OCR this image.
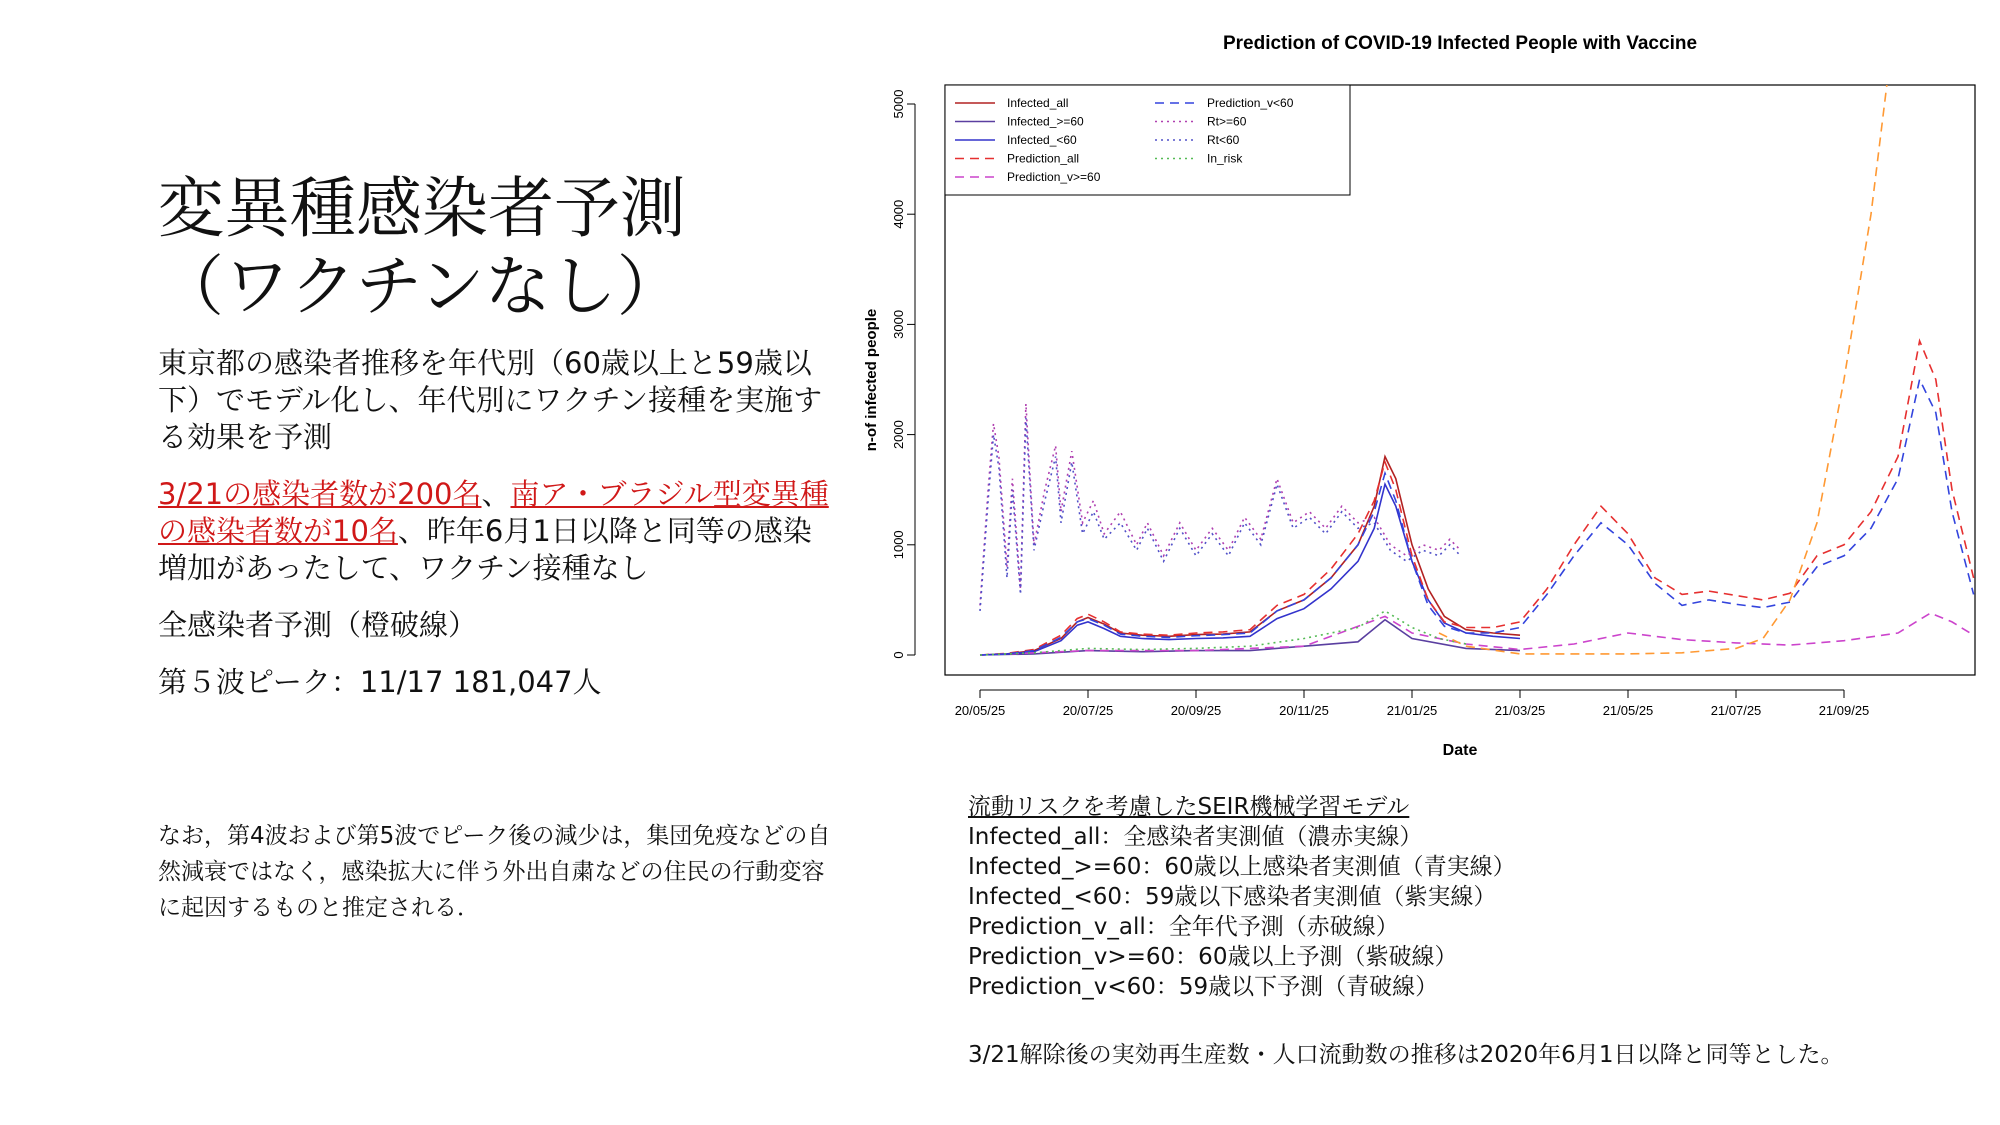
変異種感染者予測
（ワクチンなし）

東京都の感染者推移を年代別（60歳以上と59歳以下）でモデル化し、年代別にワクチン接種を実施する効果を予測

3/21の感染者数が200名、南ア・ブラジル型変異種の感染者数が10名、昨年6月1日以降と同等の感染増加があったして、ワクチン接種なし

全感染者予測（橙破線）

第５波ピーク：11/17 181,047人

なお，第4波および第5波でピーク後の減少は，集団免疫などの自然減衰ではなく，感染拡大に伴う外出自粛などの住民の行動変容に起因するものと推定される．
Prediction of COVID-19 Infected People with Vaccine
0
1000
2000
3000
4000
5000
20/05/25	20/07/25	20/09/25	20/11/25	21/01/25	21/03/25	21/05/25	21/07/25	21/09/25
Infected_all
Infected_>=60
Infected_<60
Prediction_all
Prediction_v>=60
Prediction_v<60
Rt>=60
Rt<60
In_risk
Date
n-of infected people
流動リスクを考慮したSEIR機械学習モデル
Infected_all：全感染者実測値（濃赤実線）
Infected_>=60：60歳以上感染者実測値（青実線）
Infected_<60：59歳以下感染者実測値（紫実線）
Prediction_v_all：全年代予測（赤破線）
Prediction_v>=60：60歳以上予測（紫破線）
Prediction_v<60：59歳以下予測（青破線）
3/21解除後の実効再生産数・人口流動数の推移は2020年6月1日以降と同等とした。
